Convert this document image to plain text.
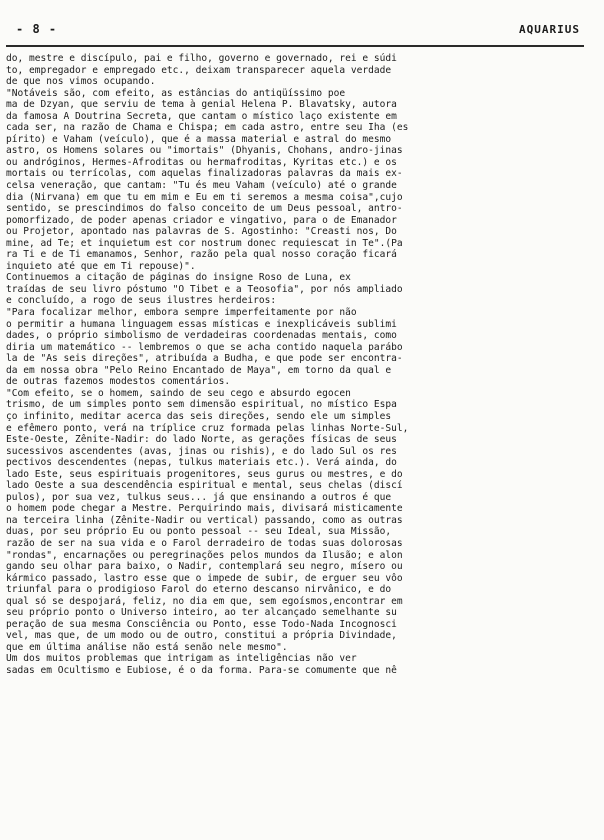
- 8 -	AQUARIUS
do, mestre e discípulo, pai e filho, governo e governado, rei e súdi
to, empregador e empregado etc., deixam transparecer aquela verdade
de que nos vimos ocupando.
"Notáveis são, com efeito, as estâncias do antiqüíssimo poe
ma de Dzyan, que serviu de tema à genial Helena P. Blavatsky, autora
da famosa A Doutrina Secreta, que cantam o místico laço existente em
cada ser, na razão de Chama e Chispa; em cada astro, entre seu Iha (es
pírito) e Vaham (veículo), que é a massa material e astral do mesmo
astro, os Homens solares ou "imortais" (Dhyanis, Chohans, andro-jinas
ou andróginos, Hermes-Afroditas ou hermafroditas, Kyritas etc.) e os
mortais ou terrícolas, com aquelas finalizadoras palavras da mais ex-
celsa veneração, que cantam: "Tu és meu Vaham (veículo) até o grande
dia (Nirvana) em que tu em mim e Eu em ti seremos a mesma coisa",cujo
sentido, se prescindimos do falso conceito de um Deus pessoal, antro-
pomorfizado, de poder apenas criador e vingativo, para o de Emanador
ou Projetor, apontado nas palavras de S. Agostinho: "Creasti nos, Do
mine, ad Te; et inquietum est cor nostrum donec requiescat in Te".(Pa
ra Ti e de Ti emanamos, Senhor, razão pela qual nosso coração ficará
inquieto até que em Ti repouse)".
Continuemos a citação de páginas do insigne Roso de Luna, ex
traídas de seu livro póstumo "O Tibet e a Teosofia", por nós ampliado
e concluído, a rogo de seus ilustres herdeiros:
"Para focalizar melhor, embora sempre imperfeitamente por não
o permitir a humana linguagem essas místicas e inexplicáveis sublimi
dades, o próprio simbolismo de verdadeiras coordenadas mentais, como
diria um matemático -- lembremos o que se acha contido naquela parábo
la de "As seis direções", atribuída a Budha, e que pode ser encontra-
da em nossa obra "Pelo Reino Encantado de Maya", em torno da qual e
de outras fazemos modestos comentários.
"Com efeito, se o homem, saindo de seu cego e absurdo egocen
trismo, de um simples ponto sem dimensão espiritual, no místico Espa
ço infinito, meditar acerca das seis direções, sendo ele um simples
e efêmero ponto, verá na tríplice cruz formada pelas linhas Norte-Sul,
Este-Oeste, Zênite-Nadir: do lado Norte, as gerações físicas de seus
sucessivos ascendentes (avas, jinas ou rishis), e do lado Sul os res
pectivos descendentes (nepas, tulkus materiais etc.). Verá ainda, do
lado Este, seus espirituais progenitores, seus gurus ou mestres, e do
lado Oeste a sua descendência espiritual e mental, seus chelas (discí
pulos), por sua vez, tulkus seus... já que ensinando a outros é que
o homem pode chegar a Mestre. Perquirindo mais, divisará misticamente
na terceira linha (Zênite-Nadir ou vertical) passando, como as outras
duas, por seu próprio Eu ou ponto pessoal -- seu Ideal, sua Missão,
razão de ser na sua vida e o Farol derradeiro de todas suas dolorosas
"rondas", encarnações ou peregrinações pelos mundos da Ilusão; e alon
gando seu olhar para baixo, o Nadir, contemplará seu negro, mísero ou
kármico passado, lastro esse que o impede de subir, de erguer seu vôo
triunfal para o prodigioso Farol do eterno descanso nirvânico, e do
qual só se despojará, feliz, no dia em que, sem egoísmos,encontrar em
seu próprio ponto o Universo inteiro, ao ter alcançado semelhante su
peração de sua mesma Consciência ou Ponto, esse Todo-Nada Incognosci
vel, mas que, de um modo ou de outro, constitui a própria Divindade,
que em última análise não está senão nele mesmo".
Um dos muitos problemas que intrigam as inteligências não ver
sadas em Ocultismo e Eubiose, é o da forma. Para-se comumente que nê
